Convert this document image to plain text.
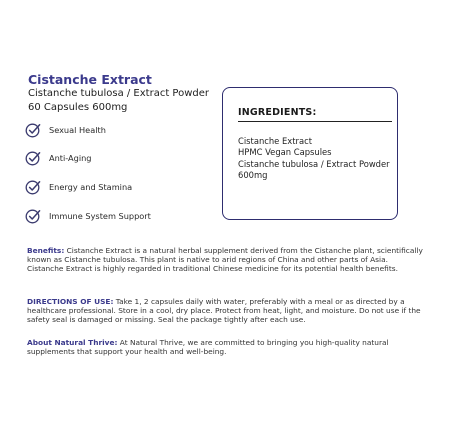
Cistanche Extract

Cistanche tubulosa / Extract Powder

60 Capsules 600mg

Sexual Health
Anti-Aging
Energy and Stamina
Immune System Support
INGREDIENTS:
Cistanche Extract
HPMC Vegan Capsules
Cistanche tubulosa / Extract Powder
600mg

Benefits: Cistanche Extract is a natural herbal supplement derived from the Cistanche plant, scientifically known as Cistanche tubulosa. This plant is native to arid regions of China and other parts of Asia. Cistanche Extract is highly regarded in traditional Chinese medicine for its potential health benefits.

DIRECTIONS OF USE: Take 1, 2 capsules daily with water, preferably with a meal or as directed by a healthcare professional. Store in a cool, dry place. Protect from heat, light, and moisture. Do not use if the safety seal is damaged or missing. Seal the package tightly after each use.

About Natural Thrive: At Natural Thrive, we are committed to bringing you high-quality natural supplements that support your health and well-being.
